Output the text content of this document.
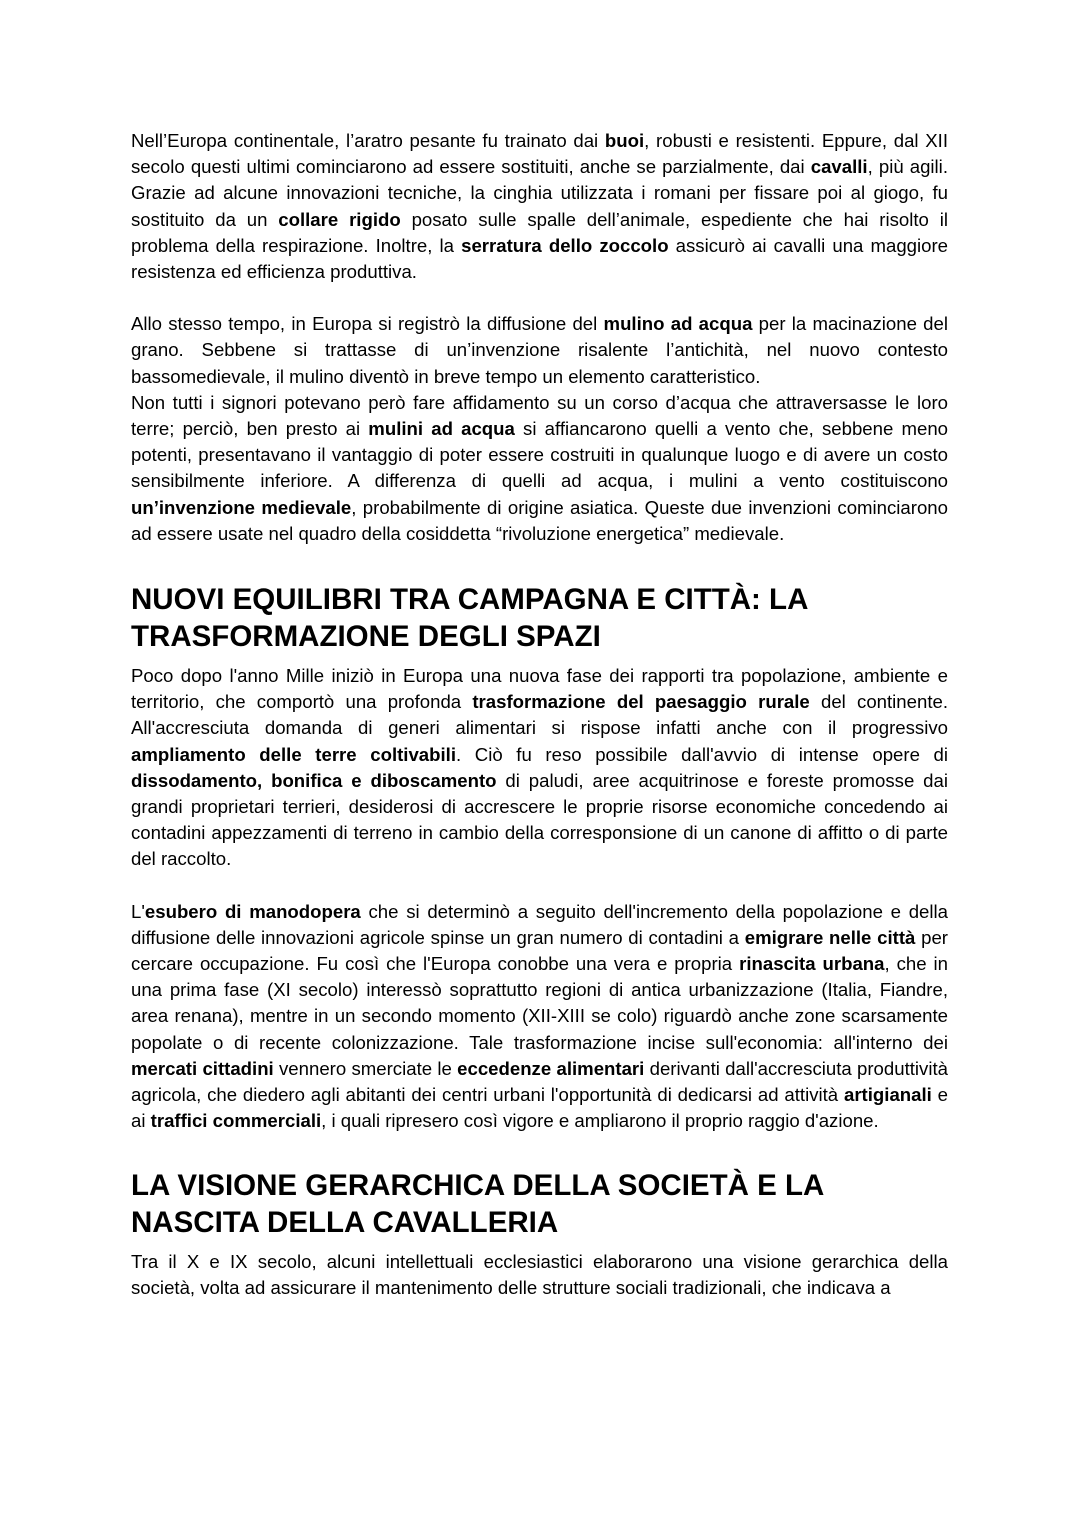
Nell’Europa continentale, l’aratro pesante fu trainato dai buoi, robusti e resistenti. Eppure, dal XII secolo questi ultimi cominciarono ad essere sostituiti, anche se parzialmente, dai cavalli, più agili. Grazie ad alcune innovazioni tecniche, la cinghia utilizzata i romani per fissare poi al giogo, fu sostituito da un collare rigido posato sulle spalle dell’animale, espediente che hai risolto il problema della respirazione. Inoltre, la serratura dello zoccolo assicurò ai cavalli una maggiore resistenza ed efficienza produttiva.

Allo stesso tempo, in Europa si registrò la diffusione del mulino ad acqua per la macinazione del grano. Sebbene si trattasse di un’invenzione risalente l’antichità, nel nuovo contesto bassomedievale, il mulino diventò in breve tempo un elemento caratteristico.

Non tutti i signori potevano però fare affidamento su un corso d’acqua che attraversasse le loro terre; perciò, ben presto ai mulini ad acqua si affiancarono quelli a vento che, sebbene meno potenti, presentavano il vantaggio di poter essere costruiti in qualunque luogo e di avere un costo sensibilmente inferiore. A differenza di quelli ad acqua, i mulini a vento costituiscono un’invenzione medievale, probabilmente di origine asiatica. Queste due invenzioni cominciarono ad essere usate nel quadro della cosiddetta “rivoluzione energetica” medievale.

NUOVI EQUILIBRI TRA CAMPAGNA E CITTÀ: LA
TRASFORMAZIONE DEGLI SPAZI

Poco dopo l'anno Mille iniziò in Europa una nuova fase dei rapporti tra popolazione, ambiente e territorio, che comportò una profonda trasformazione del paesaggio rurale del continente. All'accresciuta domanda di generi alimentari si rispose infatti anche con il progressivo ampliamento delle terre coltivabili. Ciò fu reso possibile dall'avvio di intense opere di dissodamento, bonifica e diboscamento di paludi, aree acquitrinose e foreste promosse dai grandi proprietari terrieri, desiderosi di accrescere le proprie risorse economiche concedendo ai contadini appezzamenti di terreno in cambio della corresponsione di un canone di affitto o di parte del raccolto.

L'esubero di manodopera che si determinò a seguito dell'incremento della popolazione e della diffusione delle innovazioni agricole spinse un gran numero di contadini a emigrare nelle città per cercare occupazione. Fu così che l'Europa conobbe una vera e propria rinascita urbana, che in una prima fase (XI secolo) interessò soprattutto regioni di antica urbanizzazione (Italia, Fiandre, area renana), mentre in un secondo momento (XII-XIII se colo) riguardò anche zone scarsamente popolate o di recente colonizzazione. Tale trasformazione incise sull'economia: all'interno dei mercati cittadini vennero smerciate le eccedenze alimentari derivanti dall'accresciuta produttività agricola, che diedero agli abitanti dei centri urbani l'opportunità di dedicarsi ad attività artigianali e ai traffici commerciali, i quali ripresero così vigore e ampliarono il proprio raggio d'azione.

LA VISIONE GERARCHICA DELLA SOCIETÀ E LA
NASCITA DELLA CAVALLERIA

Tra il X e IX secolo, alcuni intellettuali ecclesiastici elaborarono una visione gerarchica della società, volta ad assicurare il mantenimento delle strutture sociali tradizionali, che indicava a
